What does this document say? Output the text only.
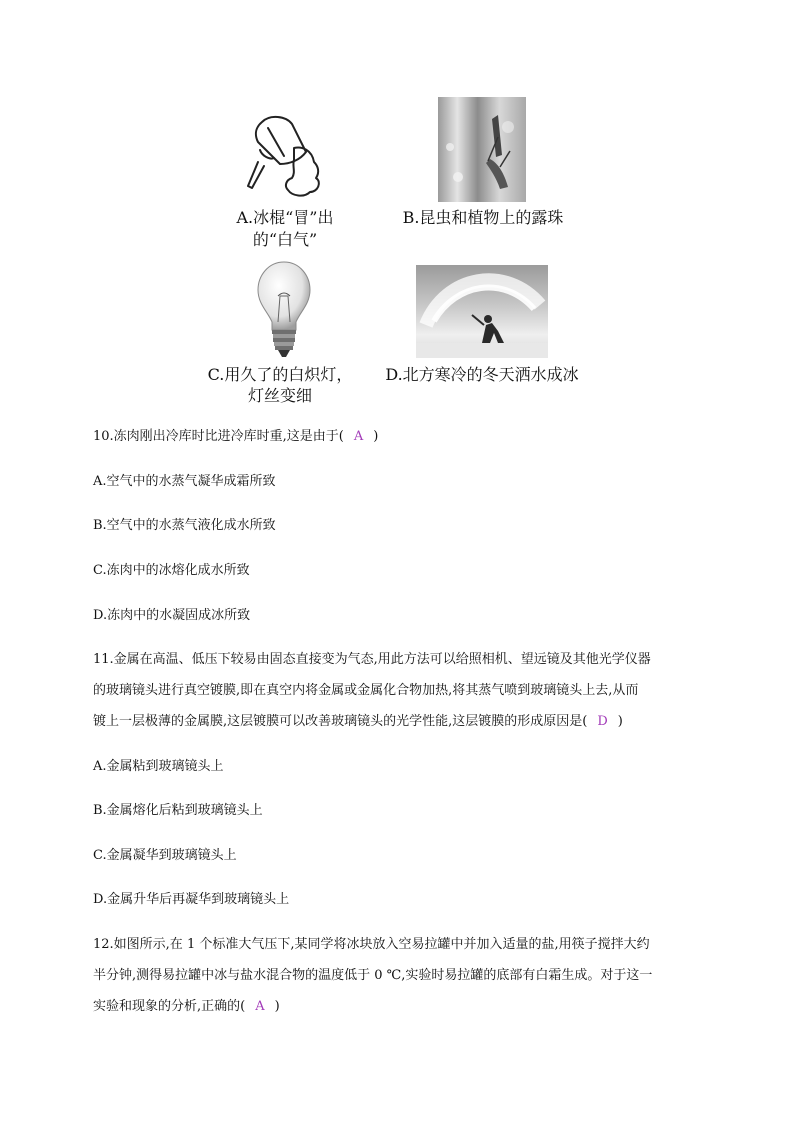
A.冰棍“冒”出
的“白气”
B.昆虫和植物上的露珠
C.用久了的白炽灯，
灯丝变细
D.北方寒冷的冬天洒水成冰
10.冻肉刚出冷库时比进冷库时重,这是由于( A )
A.空气中的水蒸气凝华成霜所致
B.空气中的水蒸气液化成水所致
C.冻肉中的冰熔化成水所致
D.冻肉中的水凝固成冰所致
11.金属在高温、低压下较易由固态直接变为气态,用此方法可以给照相机、望远镜及其他光学仪器
的玻璃镜头进行真空镀膜,即在真空内将金属或金属化合物加热,将其蒸气喷到玻璃镜头上去,从而
镀上一层极薄的金属膜,这层镀膜可以改善玻璃镜头的光学性能,这层镀膜的形成原因是( D )
A.金属粘到玻璃镜头上
B.金属熔化后粘到玻璃镜头上
C.金属凝华到玻璃镜头上
D.金属升华后再凝华到玻璃镜头上
12.如图所示,在 1 个标准大气压下,某同学将冰块放入空易拉罐中并加入适量的盐,用筷子搅拌大约
半分钟,测得易拉罐中冰与盐水混合物的温度低于 0 ℃,实验时易拉罐的底部有白霜生成。对于这一
实验和现象的分析,正确的( A )
